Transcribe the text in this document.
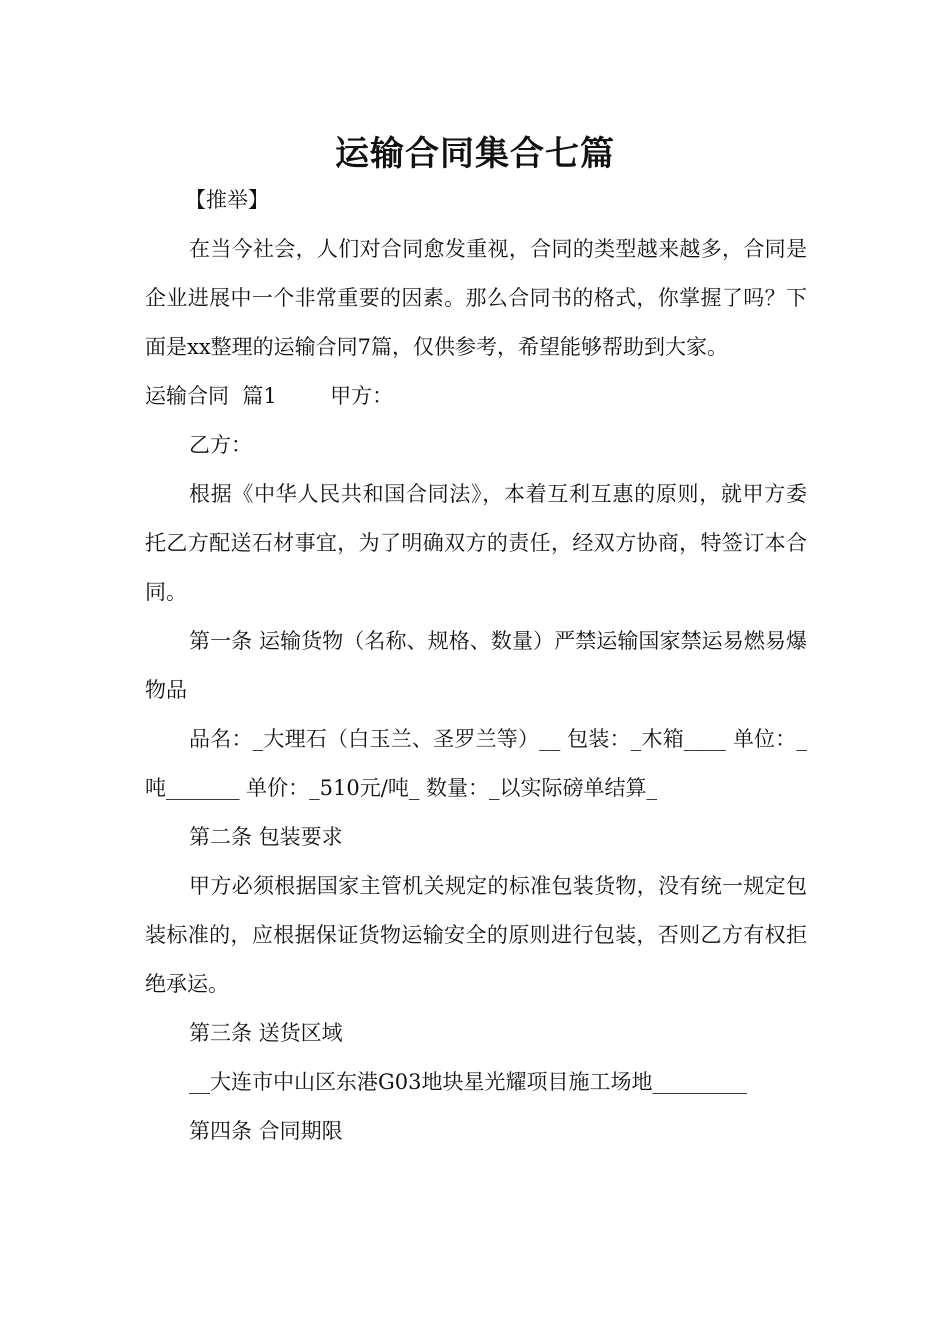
运输合同集合七篇

【推举】

在当今社会，人们对合同愈发重视，合同的类型越来越多，合同是企业进展中一个非常重要的因素。那么合同书的格式，你掌握了吗？下面是xx整理的运输合同7篇，仅供参考，希望能够帮助到大家。

运输合同  篇1        甲方：

乙方：

根据《中华人民共和国合同法》，本着互利互惠的原则，就甲方委托乙方配送石材事宜，为了明确双方的责任，经双方协商，特签订本合同。

第一条 运输货物（名称、规格、数量）严禁运输国家禁运易燃易爆物品

品名：_大理石（白玉兰、圣罗兰等）__ 包装：_木箱____ 单位：_吨_______ 单价：_510元/吨_ 数量：_以实际磅单结算_

第二条 包装要求

甲方必须根据国家主管机关规定的标准包装货物，没有统一规定包装标准的，应根据保证货物运输安全的原则进行包装，否则乙方有权拒绝承运。

第三条 送货区域

__大连市中山区东港G03地块星光耀项目施工场地_________

第四条 合同期限
